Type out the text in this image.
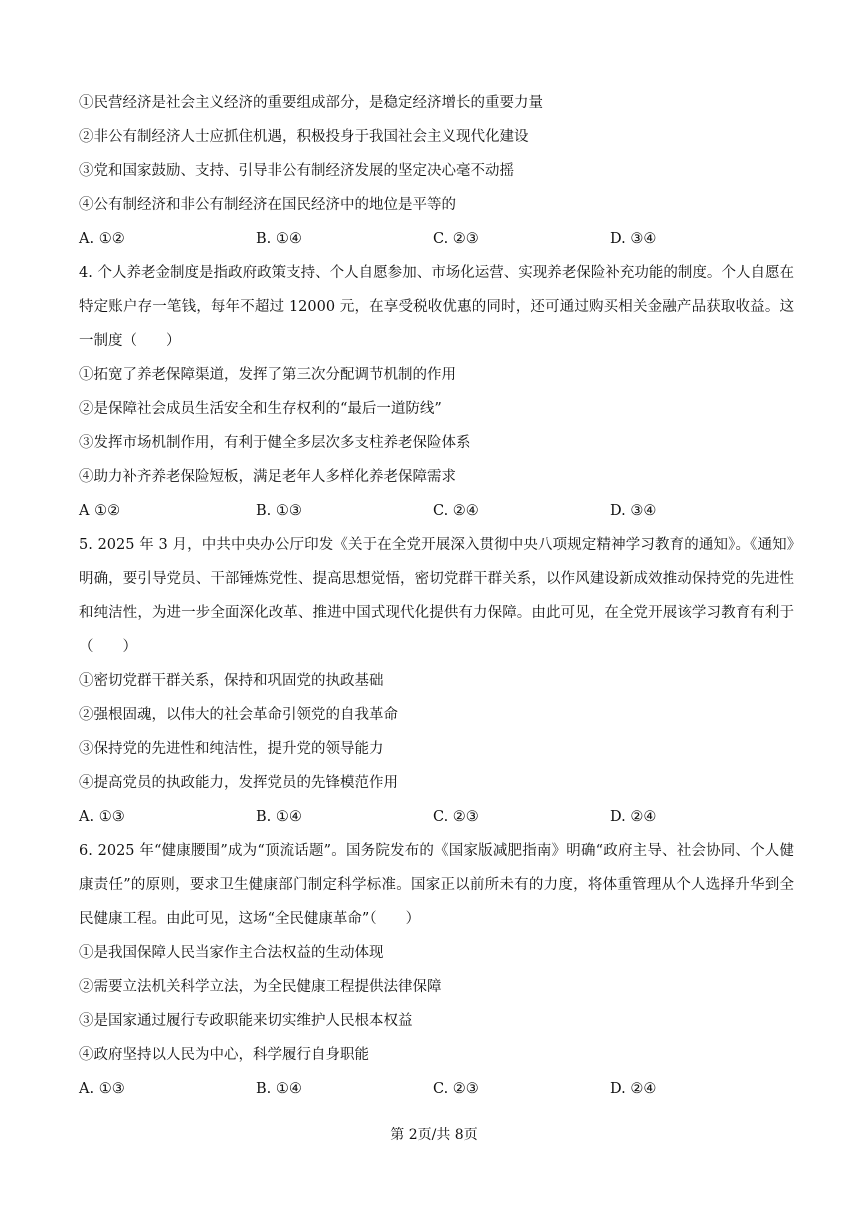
①民营经济是社会主义经济的重要组成部分，是稳定经济增长的重要力量

②非公有制经济人士应抓住机遇，积极投身于我国社会主义现代化建设

③党和国家鼓励、支持、引导非公有制经济发展的坚定决心毫不动摇

④公有制经济和非公有制经济在国民经济中的地位是平等的

A. ①②	B. ①④	C. ②③	D. ③④

4. 个人养老金制度是指政府政策支持、个人自愿参加、市场化运营、实现养老保险补充功能的制度。个人自愿在特定账户存一笔钱，每年不超过 12000 元，在享受税收优惠的同时，还可通过购买相关金融产品获取收益。这一制度（　　）

①拓宽了养老保障渠道，发挥了第三次分配调节机制的作用

②是保障社会成员生活安全和生存权利的“最后一道防线”

③发挥市场机制作用，有利于健全多层次多支柱养老保险体系

④助力补齐养老保险短板，满足老年人多样化养老保障需求

A ①②	B. ①③	C. ②④	D. ③④

5. 2025 年 3 月，中共中央办公厅印发《关于在全党开展深入贯彻中央八项规定精神学习教育的通知》。《通知》明确，要引导党员、干部锤炼党性、提高思想觉悟，密切党群干群关系，以作风建设新成效推动保持党的先进性和纯洁性，为进一步全面深化改革、推进中国式现代化提供有力保障。由此可见，在全党开展该学习教育有利于（　　）

①密切党群干群关系，保持和巩固党的执政基础

②强根固魂，以伟大的社会革命引领党的自我革命

③保持党的先进性和纯洁性，提升党的领导能力

④提高党员的执政能力，发挥党员的先锋模范作用

A. ①③	B. ①④	C. ②③	D. ②④

6. 2025 年“健康腰围”成为“顶流话题”。国务院发布的《国家版减肥指南》明确“政府主导、社会协同、个人健康责任”的原则，要求卫生健康部门制定科学标准。国家正以前所未有的力度，将体重管理从个人选择升华到全民健康工程。由此可见，这场“全民健康革命”（　　）

①是我国保障人民当家作主合法权益的生动体现

②需要立法机关科学立法，为全民健康工程提供法律保障

③是国家通过履行专政职能来切实维护人民根本权益

④政府坚持以人民为中心，科学履行自身职能

A. ①③	B. ①④	C. ②③	D. ②④
第 2页/共 8页
